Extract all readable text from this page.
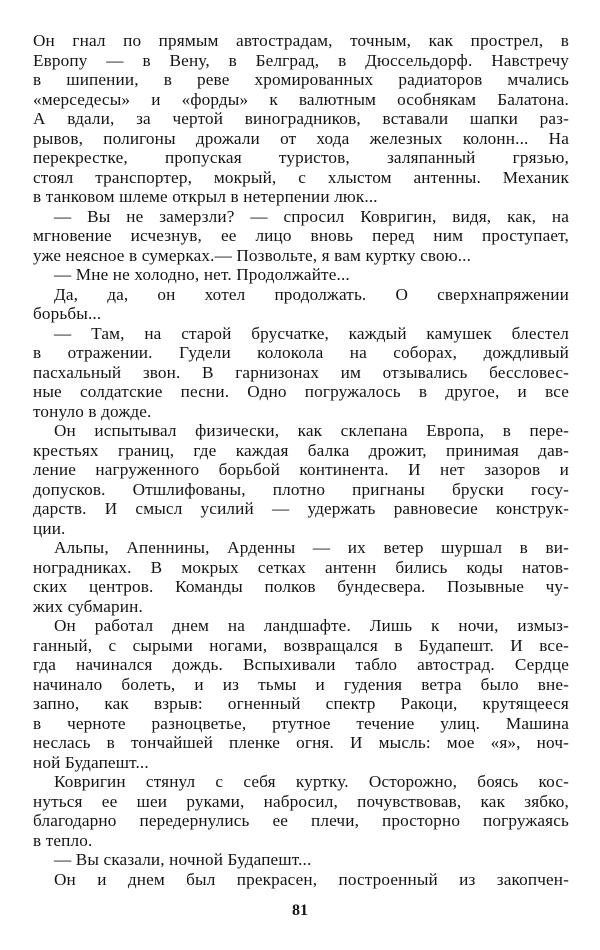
Он гнал по прямым автострадам, точным, как прострел, в
Европу — в Вену, в Белград, в Дюссельдорф. Навстречу
в шипении, в реве хромированных радиаторов мчались
«мерседесы» и «форды» к валютным особнякам Балатона.
А вдали, за чертой виноградников, вставали шапки раз-
рывов, полигоны дрожали от хода железных колонн... На
перекрестке, пропуская туристов, заляпанный грязью,
стоял транспортер, мокрый, с хлыстом антенны. Механик
в танковом шлеме открыл в нетерпении люк...
— Вы не замерзли? — спросил Ковригин, видя, как, на
мгновение исчезнув, ее лицо вновь перед ним проступает,
уже неясное в сумерках.— Позвольте, я вам куртку свою...
— Мне не холодно, нет. Продолжайте...
Да, да, он хотел продолжать. О сверхнапряжении
борьбы...
— Там, на старой брусчатке, каждый камушек блестел
в отражении. Гудели колокола на соборах, дождливый
пасхальный звон. В гарнизонах им отзывались бессловес-
ные солдатские песни. Одно погружалось в другое, и все
тонуло в дожде.
Он испытывал физически, как склепана Европа, в пере-
крестьях границ, где каждая балка дрожит, принимая дав-
ление нагруженного борьбой континента. И нет зазоров и
допусков. Отшлифованы, плотно пригнаны бруски госу-
дарств. И смысл усилий — удержать равновесие конструк-
ции.
Альпы, Апеннины, Арденны — их ветер шуршал в ви-
ноградниках. В мокрых сетках антенн бились коды натов-
ских центров. Команды полков бундесвера. Позывные чу-
жих субмарин.
Он работал днем на ландшафте. Лишь к ночи, измыз-
ганный, с сырыми ногами, возвращался в Будапешт. И все-
гда начинался дождь. Вспыхивали табло автострад. Сердце
начинало болеть, и из тьмы и гудения ветра было вне-
запно, как взрыв: огненный спектр Ракоци, крутящееся
в черноте разноцветье, ртутное течение улиц. Машина
неслась в тончайшей пленке огня. И мысль: мое «я», ноч-
ной Будапешт...
Ковригин стянул с себя куртку. Осторожно, боясь кос-
нуться ее шеи руками, набросил, почувствовав, как зябко,
благодарно передернулись ее плечи, просторно погружаясь
в тепло.
— Вы сказали, ночной Будапешт...
Он и днем был прекрасен, построенный из закопчен-
81
